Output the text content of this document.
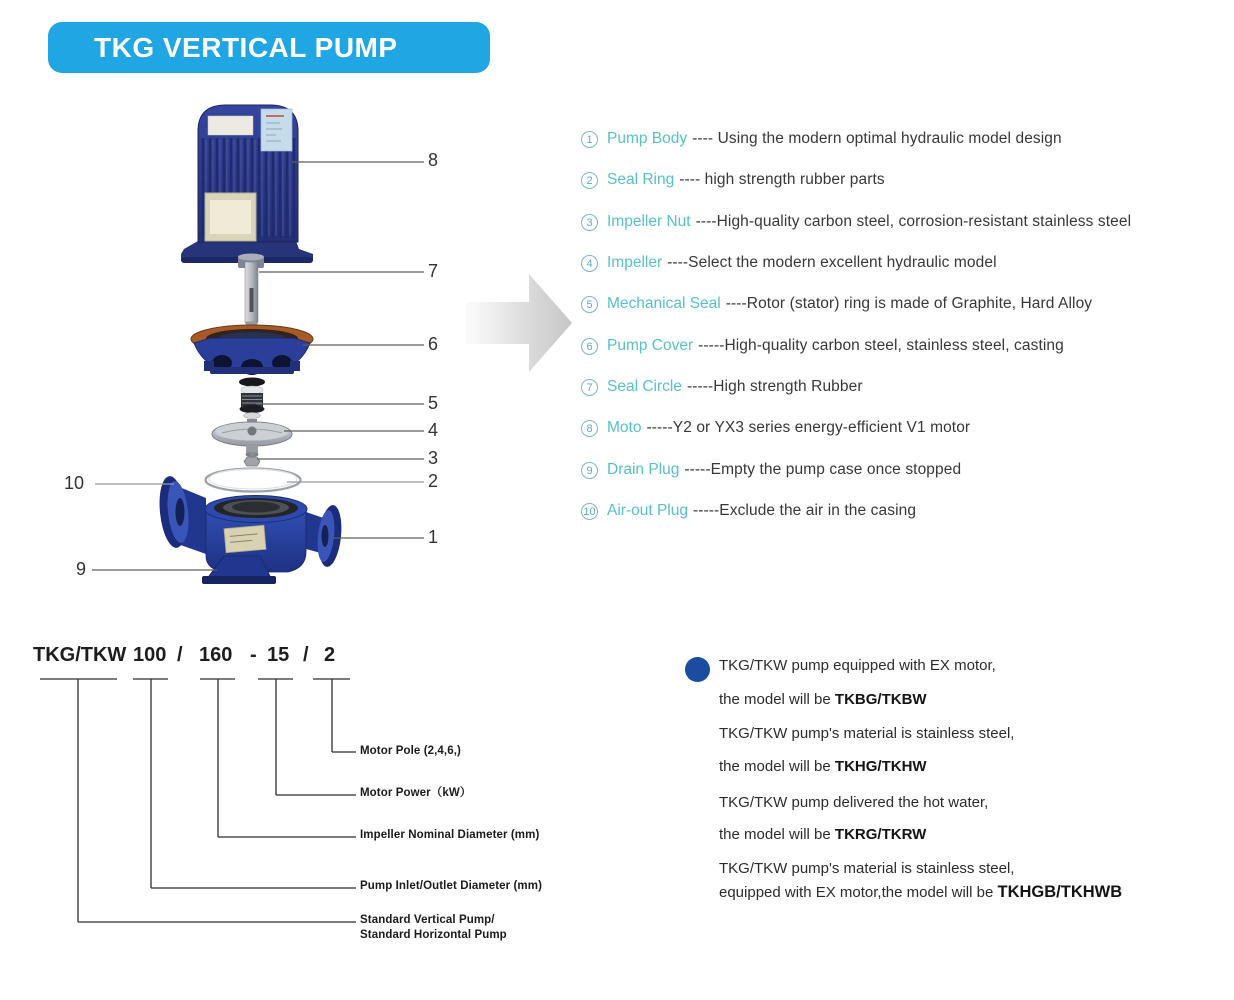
TKG VERTICAL PUMP
8
7
6
5
4
3
2
1
10
9
1 Pump Body ---- Using the modern optimal hydraulic model design
2 Seal Ring ---- high strength rubber parts
3 Impeller Nut ----High-quality carbon steel, corrosion-resistant stainless steel
4 Impeller ----Select the modern excellent hydraulic model
5 Mechanical Seal ----Rotor (stator) ring is made of Graphite, Hard Alloy
6 Pump Cover -----High-quality carbon steel, stainless steel, casting
7 Seal Circle -----High strength Rubber
8 Moto -----Y2 or YX3 series energy-efficient V1 motor
9 Drain Plug -----Empty the pump case once stopped
10 Air-out Plug -----Exclude the air in the casing
TKG/TKW 100 / 160 - 15 / 2
Motor Pole (2,4,6,)
Motor Power（kW）
Impeller Nominal Diameter (mm)
Pump Inlet/Outlet Diameter (mm)
Standard Vertical Pump/
Standard Horizontal Pump
TKG/TKW pump equipped with EX motor,
the model will be TKBG/TKBW
TKG/TKW pump's material is stainless steel,
the model will be TKHG/TKHW
TKG/TKW pump delivered the hot water,
the model will be TKRG/TKRW
TKG/TKW pump's material is stainless steel,
equipped with EX motor,the model will be TKHGB/TKHWB
